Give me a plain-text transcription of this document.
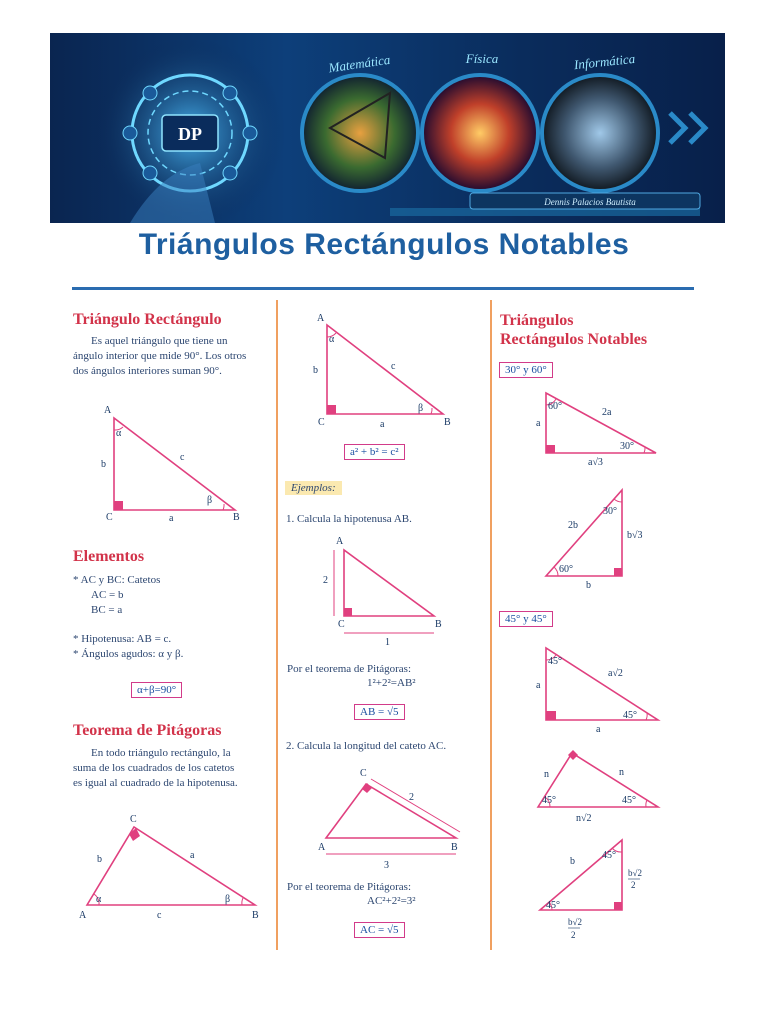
Matemática	Física	Informática
DP
Dennis Palacios Bautista
Triángulos Rectángulos Notables
Triángulo Rectángulo
Es aquel triángulo que tiene un
ángulo interior que mide 90°. Los otros
dos ángulos interiores suman 90°.
A
B
C	a
b
c
α
β
Elementos
* AC y BC: Catetos
AC = b
BC = a
* Hipotenusa: AB = c.
* Ángulos agudos: α y β.
α+β=90°
Teorema de Pitágoras
En todo triángulo rectángulo, la
suma de los cuadrados de los catetos
es igual al cuadrado de la hipotenusa.
A	B
C
a
b
c
α	β
A
B
C	a
b	c
α
β
a² + b² = c²
Ejemplos:
1. Calcula la hipotenusa AB.
A
B
C
2
1
Por el teorema de Pitágoras:
1²+2²=AB²
AB = √5
2. Calcula la longitud del cateto AC.
A	B
C
2
3
Por el teorema de Pitágoras:
AC²+2²=3²
AC = √5
Triángulos
Rectángulos Notables
30° y 60°
60°
30°
2a
a
a√3
30°
60°
2b
b√3
b
45° y 45°
45°
45°
a√2
a
a
45°	45°
n	n
n√2
45°
45°
b
b√2
2
b√2
2
